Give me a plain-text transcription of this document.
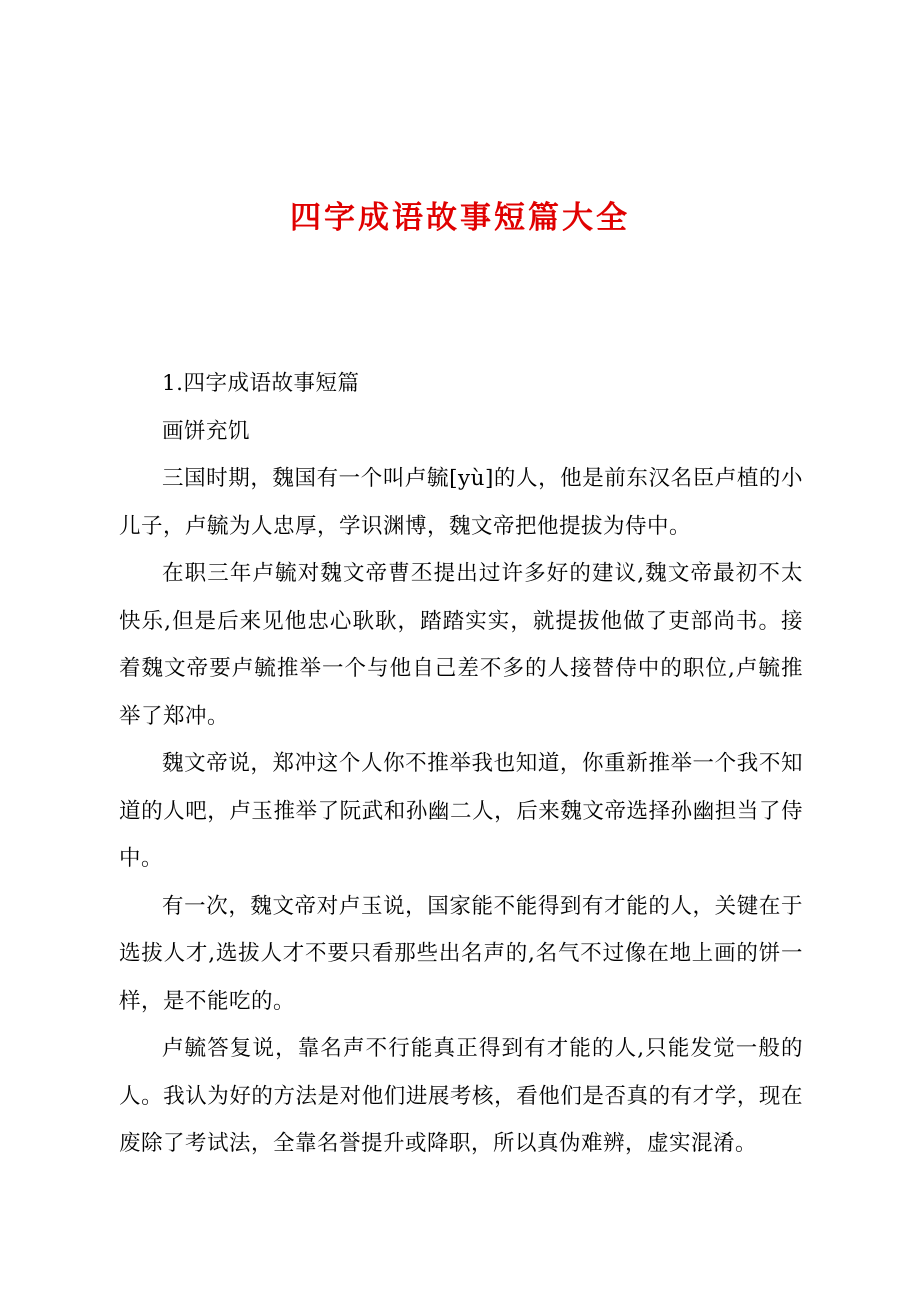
四字成语故事短篇大全

1.四字成语故事短篇

画饼充饥

三国时期，魏国有一个叫卢毓[yù]的人，他是前东汉名臣卢植的小儿子，卢毓为人忠厚，学识渊博，魏文帝把他提拔为侍中。

在职三年卢毓对魏文帝曹丕提出过许多好的建议,魏文帝最初不太快乐,但是后来见他忠心耿耿，踏踏实实，就提拔他做了吏部尚书。接着魏文帝要卢毓推举一个与他自己差不多的人接替侍中的职位,卢毓推举了郑冲。

魏文帝说，郑冲这个人你不推举我也知道，你重新推举一个我不知道的人吧，卢玉推举了阮武和孙幽二人，后来魏文帝选择孙幽担当了侍中。

有一次，魏文帝对卢玉说，国家能不能得到有才能的人，关键在于选拔人才,选拔人才不要只看那些出名声的,名气不过像在地上画的饼一样，是不能吃的。

卢毓答复说，靠名声不行能真正得到有才能的人,只能发觉一般的人。我认为好的方法是对他们进展考核，看他们是否真的有才学，现在废除了考试法，全靠名誉提升或降职，所以真伪难辨，虚实混淆。
